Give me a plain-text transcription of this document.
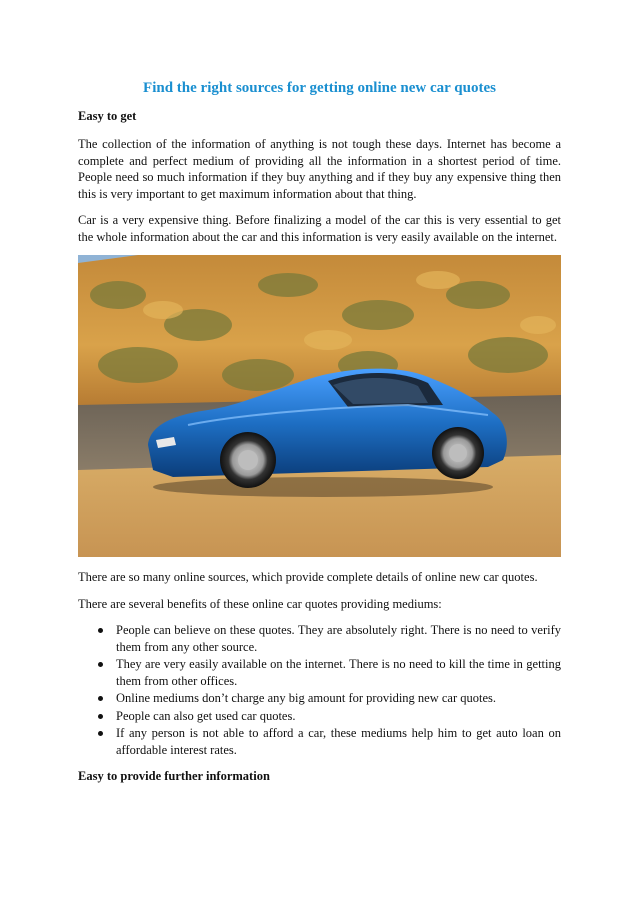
Find the right sources for getting online new car quotes
Easy to get

The collection of the information of anything is not tough these days. Internet has become a complete and perfect medium of providing all the information in a shortest period of time. People need so much information if they buy anything and if they buy any expensive thing then this is very important to get maximum information about that thing.

Car is a very expensive thing. Before finalizing a model of the car this is very essential to get the whole information about the car and this information is very easily available on the internet.

There are so many online sources, which provide complete details of online new car quotes.

There are several benefits of these online car quotes providing mediums:

People can believe on these quotes. They are absolutely right. There is no need to verify them from any other source.
They are very easily available on the internet. There is no need to kill the time in getting them from other offices.
Online mediums don’t charge any big amount for providing new car quotes.
People can also get used car quotes.
If any person is not able to afford a car, these mediums help him to get auto loan on affordable interest rates.
Easy to provide further information
